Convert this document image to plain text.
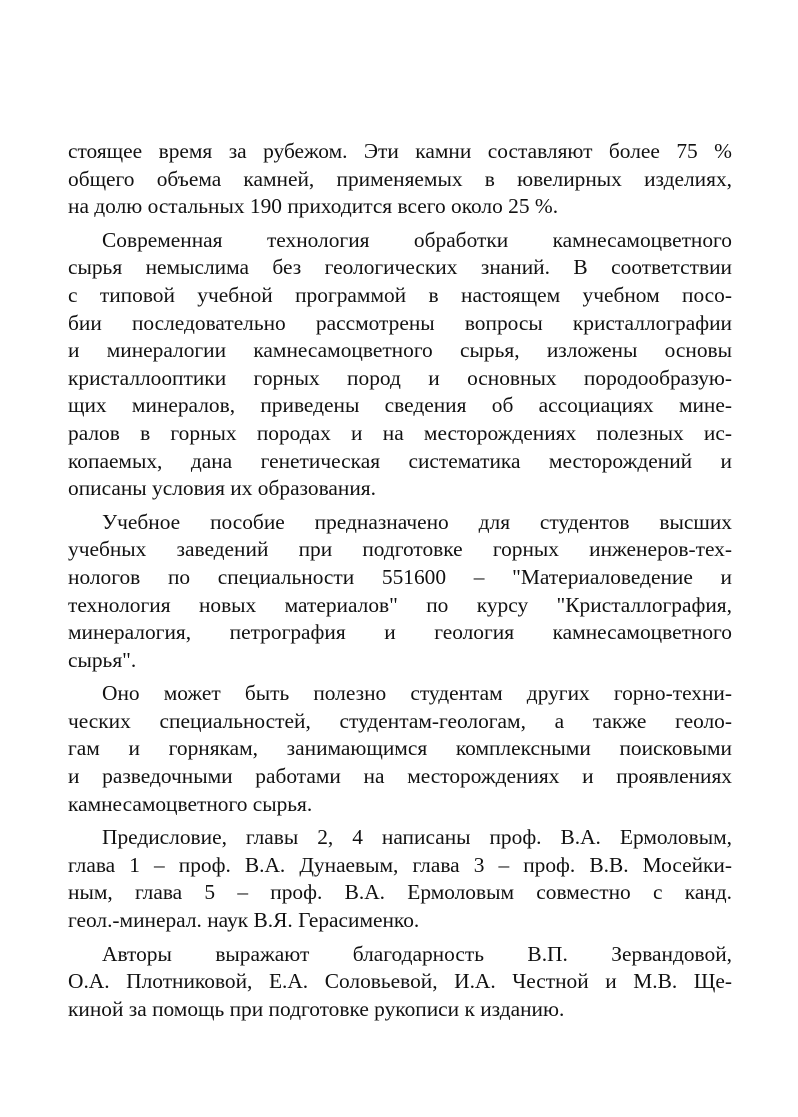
стоящее время за рубежом. Эти камни составляют более 75 %
общего объема камней, применяемых в ювелирных изделиях,
на долю остальных 190 приходится всего около 25 %.
Современная технология обработки камнесамоцветного
сырья немыслима без геологических знаний. В соответствии
с типовой учебной программой в настоящем учебном посо-
бии последовательно рассмотрены вопросы кристаллографии
и минералогии камнесамоцветного сырья, изложены основы
кристаллооптики горных пород и основных породообразую-
щих минералов, приведены сведения об ассоциациях мине-
ралов в горных породах и на месторождениях полезных ис-
копаемых, дана генетическая систематика месторождений и
описаны условия их образования.
Учебное пособие предназначено для студентов высших
учебных заведений при подготовке горных инженеров-тех-
нологов по специальности 551600 – "Материаловедение и
технология новых материалов" по курсу "Кристаллография,
минералогия, петрография и геология камнесамоцветного
сырья".
Оно может быть полезно студентам других горно-техни-
ческих специальностей, студентам-геологам, а также геоло-
гам и горнякам, занимающимся комплексными поисковыми
и разведочными работами на месторождениях и проявлениях
камнесамоцветного сырья.
Предисловие, главы 2, 4 написаны проф. В.А. Ермоловым,
глава 1 – проф. В.А. Дунаевым, глава 3 – проф. В.В. Мосейки-
ным, глава 5 – проф. В.А. Ермоловым совместно с канд.
геол.-минерал. наук В.Я. Герасименко.
Авторы выражают благодарность В.П. Зервандовой,
О.А. Плотниковой, Е.А. Соловьевой, И.А. Честной и М.В. Ще-
киной за помощь при подготовке рукописи к изданию.
